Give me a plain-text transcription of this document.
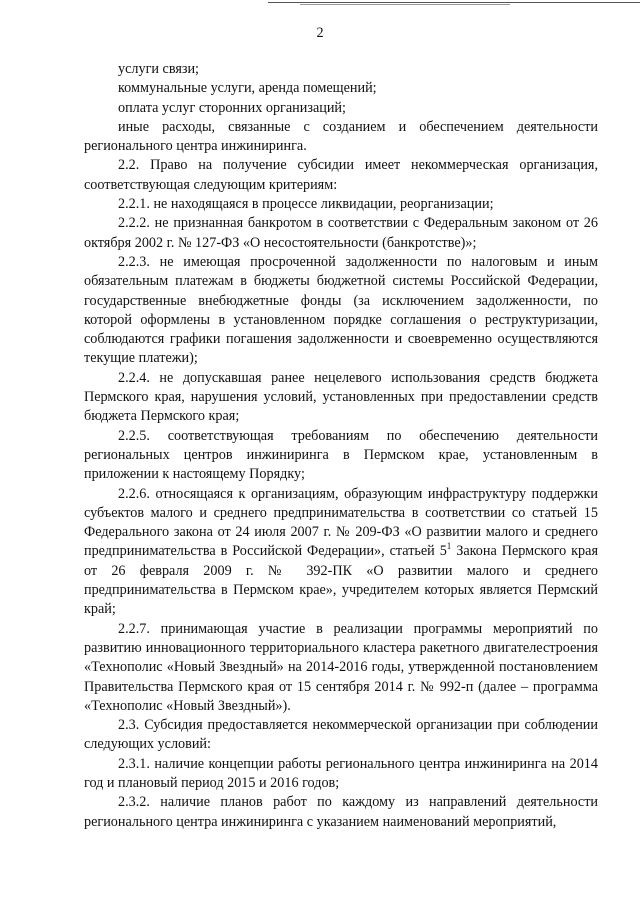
2

услуги связи;

коммунальные услуги, аренда помещений;

оплата услуг сторонних организаций;

иные расходы, связанные с созданием и обеспечением деятельности регионального центра инжиниринга.

2.2. Право на получение субсидии имеет некоммерческая организация, соответствующая следующим критериям:

2.2.1. не находящаяся в процессе ликвидации, реорганизации;

2.2.2. не признанная банкротом в соответствии с Федеральным законом от 26 октября 2002 г. № 127-ФЗ «О несостоятельности (банкротстве)»;

2.2.3. не имеющая просроченной задолженности по налоговым и иным обязательным платежам в бюджеты бюджетной системы Российской Федерации, государственные внебюджетные фонды (за исключением задолженности, по которой оформлены в установленном порядке соглашения о реструктуризации, соблюдаются графики погашения задолженности и своевременно осуществляются текущие платежи);

2.2.4. не допускавшая ранее нецелевого использования средств бюджета Пермского края, нарушения условий, установленных при предоставлении средств бюджета Пермского края;

2.2.5. соответствующая требованиям по обеспечению деятельности региональных центров инжиниринга в Пермском крае, установленным в приложении к настоящему Порядку;

2.2.6. относящаяся к организациям, образующим инфраструктуру поддержки субъектов малого и среднего предпринимательства в соответствии со статьей 15 Федерального закона от 24 июля 2007 г. № 209-ФЗ «О развитии малого и среднего предпринимательства в Российской Федерации», статьей $5^1$ Закона Пермского края от 26 февраля 2009 г. № 392-ПК «О развитии малого и среднего предпринимательства в Пермском крае», учредителем которых является Пермский край;

2.2.7. принимающая участие в реализации программы мероприятий по развитию инновационного территориального кластера ракетного двигателестроения «Технополис «Новый Звездный» на 2014-2016 годы, утвержденной постановлением Правительства Пермского края от 15 сентября 2014 г. № 992-п (далее – программа «Технополис «Новый Звездный»).

2.3. Субсидия предоставляется некоммерческой организации при соблюдении следующих условий:

2.3.1. наличие концепции работы регионального центра инжиниринга на 2014 год и плановый период 2015 и 2016 годов;

2.3.2. наличие планов работ по каждому из направлений деятельности регионального центра инжиниринга с указанием наименований мероприятий,
